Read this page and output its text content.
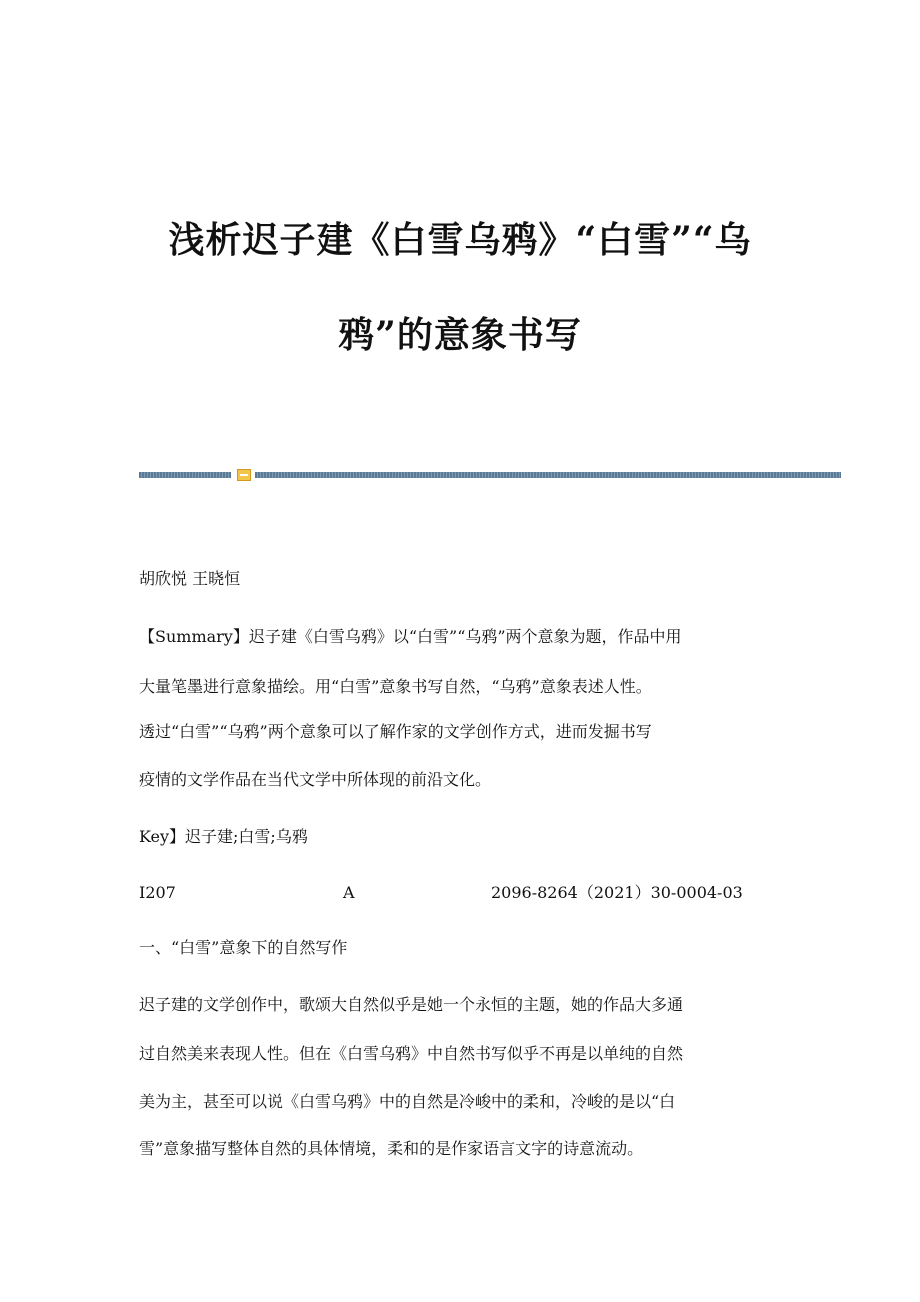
浅析迟子建《白雪乌鸦》“白雪”“乌
鸦”的意象书写
胡欣悦 王晓恒
【Summary】迟子建《白雪乌鸦》以“白雪”“乌鸦”两个意象为题，作品中用
大量笔墨进行意象描绘。用“白雪”意象书写自然，“乌鸦”意象表述人性。
透过“白雪”“乌鸦”两个意象可以了解作家的文学创作方式，进而发掘书写
疫情的文学作品在当代文学中所体现的前沿文化。
Key】迟子建;白雪;乌鸦
I207	A	2096-8264（2021）30-0004-03
一、“白雪”意象下的自然写作
迟子建的文学创作中，歌颂大自然似乎是她一个永恒的主题，她的作品大多通
过自然美来表现人性。但在《白雪乌鸦》中自然书写似乎不再是以单纯的自然
美为主，甚至可以说《白雪乌鸦》中的自然是冷峻中的柔和，冷峻的是以“白
雪”意象描写整体自然的具体情境，柔和的是作家语言文字的诗意流动。
